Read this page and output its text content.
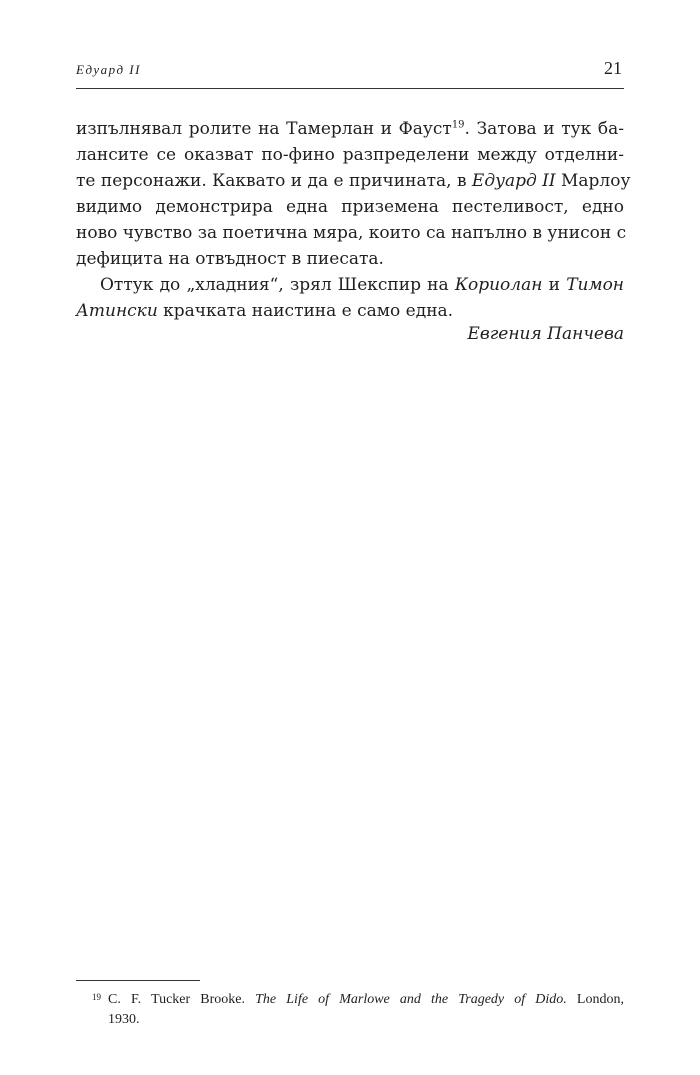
Едуард II	21
изпълнявал ролите на Тамерлан и Фауст$^{19}$. Затова и тук ба-
лансите се оказват по-фино разпределени между отделни-
те персонажи. Каквато и да е причината, в Едуард II Марлоу
видимо демонстрира една приземена пестеливост, едно
ново чувство за поетична мяра, които са напълно в унисон с
дефицита на отвъдност в пиесата.
Оттук до „хладния“, зрял Шекспир на Кориолан и Тимон
Атински крачката наистина е само една.
Евгения Панчева
19 C. F. Tucker Brooke. The Life of Marlowe and the Tragedy of Dido. London,
1930.
